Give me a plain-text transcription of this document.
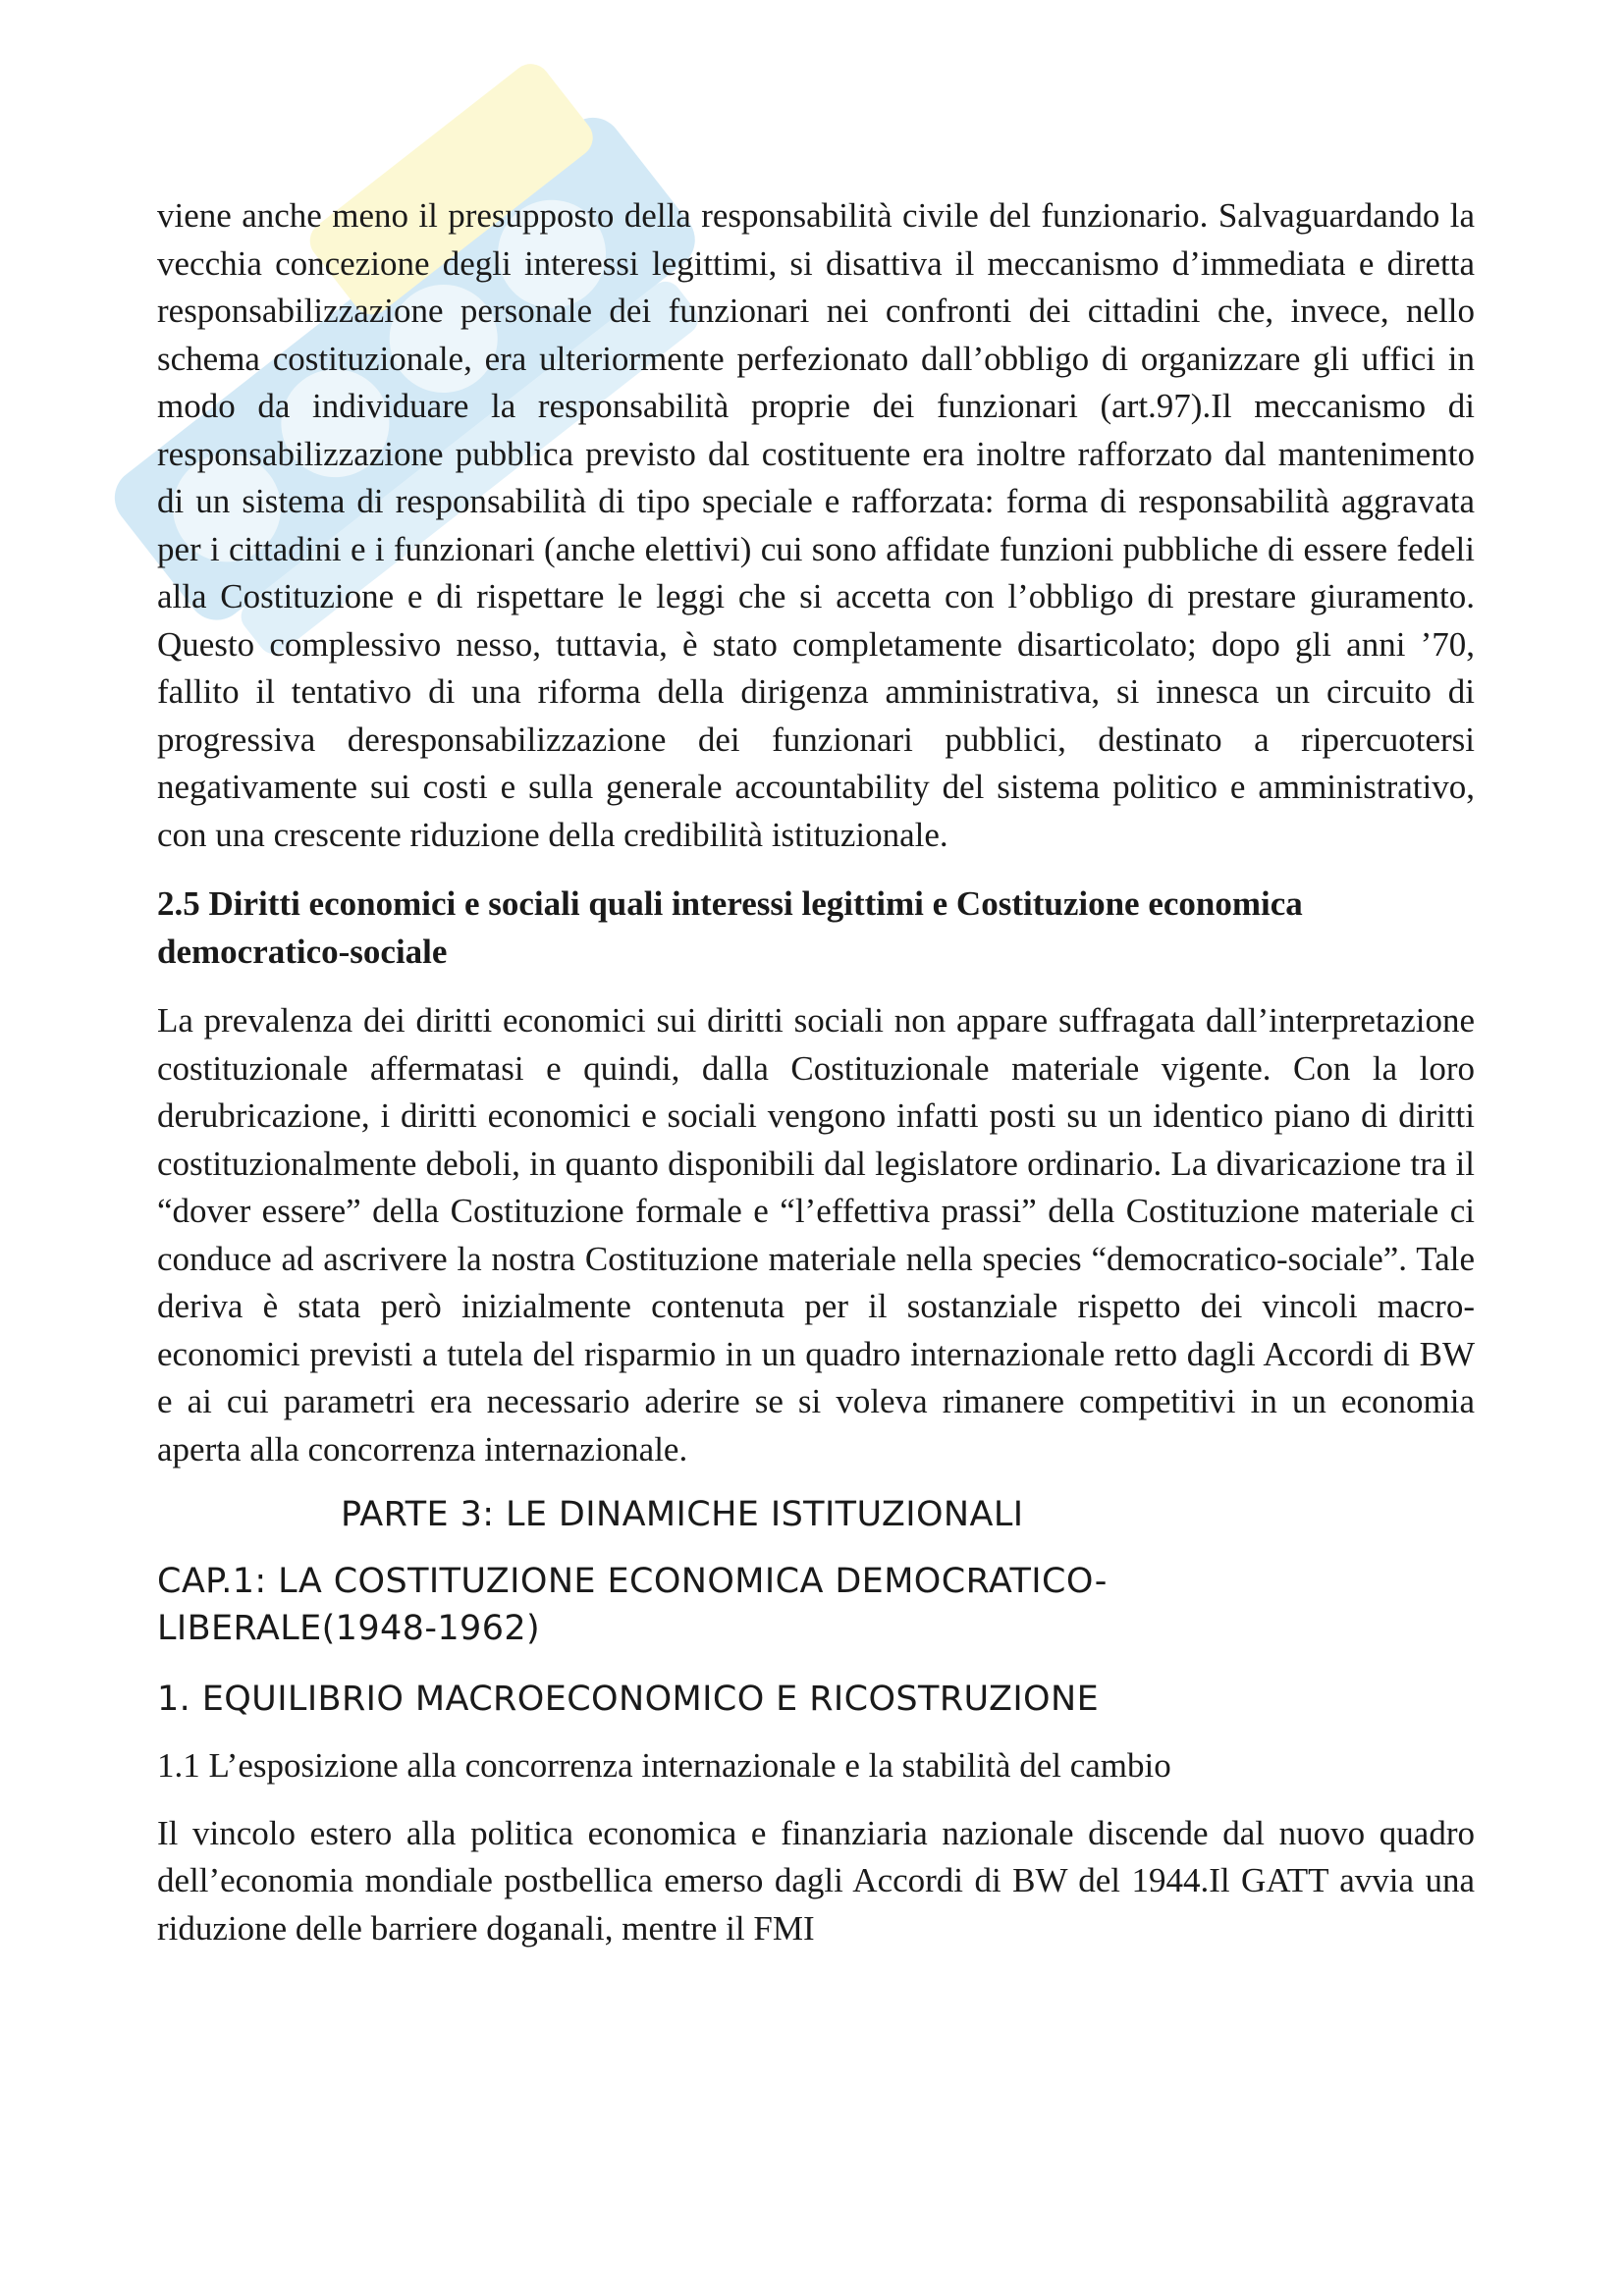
viene anche meno il presupposto della responsabilità civile del funzionario. Salvaguardando la vecchia concezione degli interessi legittimi, si disattiva il meccanismo d’immediata e diretta responsabilizzazione personale dei funzionari nei confronti dei cittadini che, invece, nello schema costituzionale, era ulteriormente perfezionato dall’obbligo di organizzare gli uffici in modo da individuare la responsabilità proprie dei funzionari (art.97).Il meccanismo di responsabilizzazione pubblica previsto dal costituente era inoltre rafforzato dal mantenimento di un sistema di responsabilità di tipo speciale e rafforzata: forma di responsabilità aggravata per i cittadini e i funzionari (anche elettivi) cui sono affidate funzioni pubbliche di essere fedeli alla Costituzione e di rispettare le leggi che si accetta con l’obbligo di prestare giuramento. Questo complessivo nesso, tuttavia, è stato completamente disarticolato; dopo gli anni ’70, fallito il tentativo di una riforma della dirigenza amministrativa, si innesca un circuito di progressiva deresponsabilizzazione dei funzionari pubblici, destinato a ripercuotersi negativamente sui costi e sulla generale accountability del sistema politico e amministrativo, con una crescente riduzione della credibilità istituzionale.

2.5 Diritti economici e sociali quali interessi legittimi e Costituzione economica democratico-sociale

La prevalenza dei diritti economici sui diritti sociali non appare suffragata dall’interpretazione costituzionale affermatasi e quindi, dalla Costituzionale materiale vigente. Con la loro derubricazione, i diritti economici e sociali vengono infatti posti su un identico piano di diritti costituzionalmente deboli, in quanto disponibili dal legislatore ordinario. La divaricazione tra il “dover essere” della Costituzione formale e “l’effettiva prassi” della Costituzione materiale ci conduce ad ascrivere la nostra Costituzione materiale nella species “democratico-sociale”. Tale deriva è stata però inizialmente contenuta per il sostanziale rispetto dei vincoli macro-economici previsti a tutela del risparmio in un quadro internazionale retto dagli Accordi di BW e ai cui parametri era necessario aderire se si voleva rimanere competitivi in un economia aperta alla concorrenza internazionale.

PARTE 3: LE DINAMICHE ISTITUZIONALI
CAP.1: LA COSTITUZIONE ECONOMICA DEMOCRATICO-LIBERALE(1948-1962)
1. EQUILIBRIO MACROECONOMICO E RICOSTRUZIONE

1.1 L’esposizione alla concorrenza internazionale e la stabilità del cambio

Il vincolo estero alla politica economica e finanziaria nazionale discende dal nuovo quadro dell’economia mondiale postbellica emerso dagli Accordi di BW del 1944.Il GATT avvia una riduzione delle barriere doganali, mentre il FMI
